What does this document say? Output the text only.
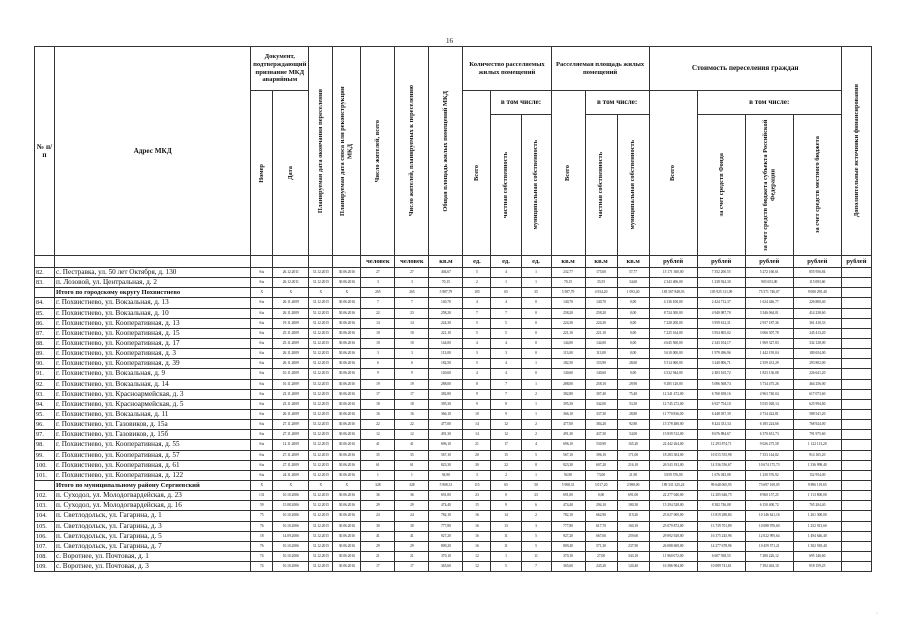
16
№ п/п	Адрес МКД	Документ, подтверждающий признание МКД аварийным		Планируемая дата окончания переселения	Планируемая дата сноса или реконструкции МКД	Число жителей, всего	Число жителей, планируемых к переселению	Общая площадь жилых помещений МКД	Количество расселяемых жилых помещений			Расселяемая площадь жилых помещений			Стоимость переселения граждан				Дополнительные источники финансирования

		Номер	Дата						Всего	в том числе:		Всего	в том числе:		Всего	в том числе:			

										частная собственность	муниципальная собственность		частная собственность	муниципальная собственность		за счет средств Фонда	за счет средств бюджета субъекта Российской Федерации	за счет средств местного бюджета	

						человек	человек	кв.м	ед.	ед.	ед.	кв.м	кв.м	кв.м	рублей	рублей	рублей	рублей	рублей
82.	с. Пестравка, ул. 50 лет Октября, д. 130	б/н	26.12.2011	31.12.2015	30.06.2016	27	27	404,67	5	4	1	232,77	175,00	57,77	15 171 300,00	7 352 200,55	5 272 160,61	855 956,84	
83.	п. Лозовой, ул. Центральная, д. 2	б/н	26.12.2011	31.12.2015	30.06.2016	3	3	70,15	2	1	1	70,15	35,55	34,60	2 343 406,00	1 238 924,30	903 653,00	115 083,60	
	Итого по городскому округу Похвистнево	X	X	X	X	265	265	5 987,79	105	65	35	5 587,79	4 934,20	1 093,40	183 567 848,03	105 925 311,09	75 571 746,07	9 000 295,40	
84.	г. Похвистнево, ул. Вокзальная, д. 13	б/н	26.11.2009	31.12.2015	30.06.2016	7	7	140,70	4	4	0	140,70	140,70	0,00	4 136 100,00	2 424 712,37	1 624 446,77	226 800,40	
85.	г. Похвистнево, ул. Вокзальная, д. 10	б/н	26.11.2009	31.12.2015	30.06.2016	22	23	258,20	7	7	0	258,20	258,20	0,00	8 724 300,00	4 940 087,70	3 346 064,01	414 238,60	
86.	г. Похвистнево, ул. Кооперативная, д. 13	б/н	19.11.2009	31.12.2015	30.06.2016	14	14	224,30	5	5	0	224,30	224,30	0,00	7 228 200,00	3 959 612,31	2 937 187,36	361 410,33	
87.	г. Похвистнево, ул. Кооперативная, д. 15	б/н	25.11.2009	31.12.2015	30.06.2016	10	10	221,10	5	5	0	221,10	221,10	0,00	7 225 164,00	3 954 805,02	3 066 307,78	245 413,20	
88.	г. Похвистнево, ул. Кооперативная, д. 17	б/н	25.11.2009	31.12.2015	30.06.2016	10	10	144,00	4	4	0	144,00	144,00	0,00	4 645 560,00	2 343 104,17	1 969 327,83	332 128,00	
89.	г. Похвистнево, ул. Кооперативная, д. 3	б/н	26.11.2009	31.12.2015	30.06.2016	3	3	113,00	3	3	0	113,00	113,00	0,00	3 610 000,00	1 979 496,96	1 442 195,04	180 654,00	
90.	г. Похвистнево, ул. Кооперативная, д. 39	б/н	26.11.2009	31.12.2015	30.06.2016	6	6	182,50	5	4	1	182,50	153,90	28,60	5 514 060,00	3 240 806,71	2 359 431,29	293 802,00	
91.	г. Похвистнево, ул. Вокзальная, д. 9	б/н	10.11.2009	31.12.2015	30.06.2016	9	9	140,60	4	4	0	140,60	140,60	0,00	4 532 944,00	2 483 165,72	1 823 136,08	226 641,20	
92.	г. Похвистнево, ул. Вокзальная, д. 14	б/н	10.11.2009	31.12.2015	30.06.2016	19	19	288,00	8	7	1	288,00	258,10	29,90	9 285 120,00	5 086 568,74	3 734 475,26	464 256,00	
93.	г. Похвистнево, ул. Красноармейская, д. 3	б/н	23.11.2009	31.12.2015	30.06.2016	17	17	382,80	9	7	2	382,80	307,40	75,40	12 341 472,00	6 760 658,16	4 963 740,04	617 073,60	
94.	г. Похвистнево, ул. Красноармейская, д. 5	б/н	23.11.2009	31.12.2015	30.06.2016	18	18	395,30	9	8	1	395,30	342,00	53,30	12 745 272,00	6 927 754,10	5 035 028,14	625 994,60	
95.	г. Похвистнево, ул. Вокзальная, д. 11	б/н	26.11.2009	31.12.2015	30.06.2016	16	16	366,10	10	9	1	366,10	337,30	28,80	11 770 836,00	6 448 037,39	4 734 422,81	588 541,20	
96.	г. Похвистнево, ул. Газовиков, д. 15а	б/н	27.11.2009	31.12.2015	30.06.2016	22	22	477,00	14	12	2	477,00	384,20	92,80	15 378 480,00	8 424 331,34	6 185 224,66	768 924,00	
97.	г. Похвистнево, ул. Газовиков, д. 15б	б/н	27.11.2009	31.12.2015	30.06.2016	12	12	491,30	14	12	2	491,30	437,30	54,00	15 839 512,00	8 676 884,67	6 370 651,73	791 975,60	
98.	г. Похвистнево, ул. Кооперативная, д. 55	б/н	12.11.2009	31.12.2015	30.06.2016	41	41	696,10	21	17	4	696,10	530,90	165,20	22 442 264,00	12 293 874,71	9 026 275,58	1 122 113,20	
99.	г. Похвистнево, ул. Кооперативная, д. 57	б/н	27.11.2009	31.12.2015	30.06.2016	35	35	567,10	20	15	5	567,10	396,10	171,00	18 283 304,00	10 015 555,98	7 353 144,82	914 165,20	
100.	г. Похвистнево, ул. Кооперативная, д. 61	б/н	27.11.2009	31.12.2015	30.06.2016	61	61	823,30	30	22	8	823,30	607,20	216,10	26 543 192,00	14 536 556,67	10 674 175,73	1 336 998,40	
101.	г. Похвистнево, ул. Кооперативная, д. 122	б/н	24.11.2009	31.12.2015	30.06.2016	1	1	94,90	3	2	1	94,90	73,00	21,90	3 059 576,00	1 676 045,08	1 230 576,92	152 954,00	
	Итого по муниципальному району Сергиевский	X	X	X	X	328	328	5 908,31	115	65	50	5 908,31	3 017,20	2 988,00	189 331 325,24	99 648 065,95	73 697 169,05	9 896 119,65	
102.	п. Суходол, ул. Молодогвардейская, д. 23	131	10.10.2006	31.12.2015	30.06.2016	36	36	691,00	23	0	23	691,00	0,00	691,00	22 277 040,00	12 205 646,75	8 960 157,25	1 113 800,00	
103.	п. Суходол, ул. Молодогвардейская, д. 16	59	15.08.2006	31.12.2015	30.06.2016	29	29	474,40	15	9	6	474,40	294,10	180,30	15 294 528,00	8 382 746,08	6 150 400,72	765 204,40	
104.	п. Светлодольск, ул. Гагарина, д. 1	75	10.10.2006	31.12.2015	30.06.2016	24	24	782,10	16	14	2	782,10	662,90	119,20	25 027 000,00	13 819 288,84	10 146 621,16	1 261 300,00	
105.	п. Светлодольск, ул. Гагарина, д. 3	76	10.10.2006	31.12.2015	30.06.2016	30	30	777,80	16	13	3	777,80	617,70	160,10	25 079 872,00	13 739 701,89	10 088 976,60	1 252 913,60	
106.	п. Светлодольск, ул. Гагарина, д. 5	18	14.09.2006	31.12.2015	30.06.2016	41	41	927,20	16	11	5	927,20	667,60	259,60	29 892 928,00	16 375 245,96	12 022 995,64	1 494 646,40	
107.	п. Светлодольск, ул. Гагарина, д. 7	76	10.10.2006	31.12.2015	30.06.2016	29	29	809,20	16	11	5	809,20	571,30	237,90	26 088 608,00	14 277 678,96	10 459 571,21	1 302 918,40	
108.	с. Воротнее, ул. Почтовая, д. 1	74	10.10.2006	31.12.2015	30.06.2016	21	21	370,10	12	1	11	370,10	27,00	343,10	11 960 072,00	6 607 938,55	7 280 226,12	695 146,60	
109.	с. Воротнее, ул. Почтовая, д. 3	74	10.10.2006	31.12.2015	30.06.2016	17	17	365,60	12	5	7	365,60	245,20	120,40	16 386 904,00	10 089 741,61	7 392 463,10	918 159,25	
·
